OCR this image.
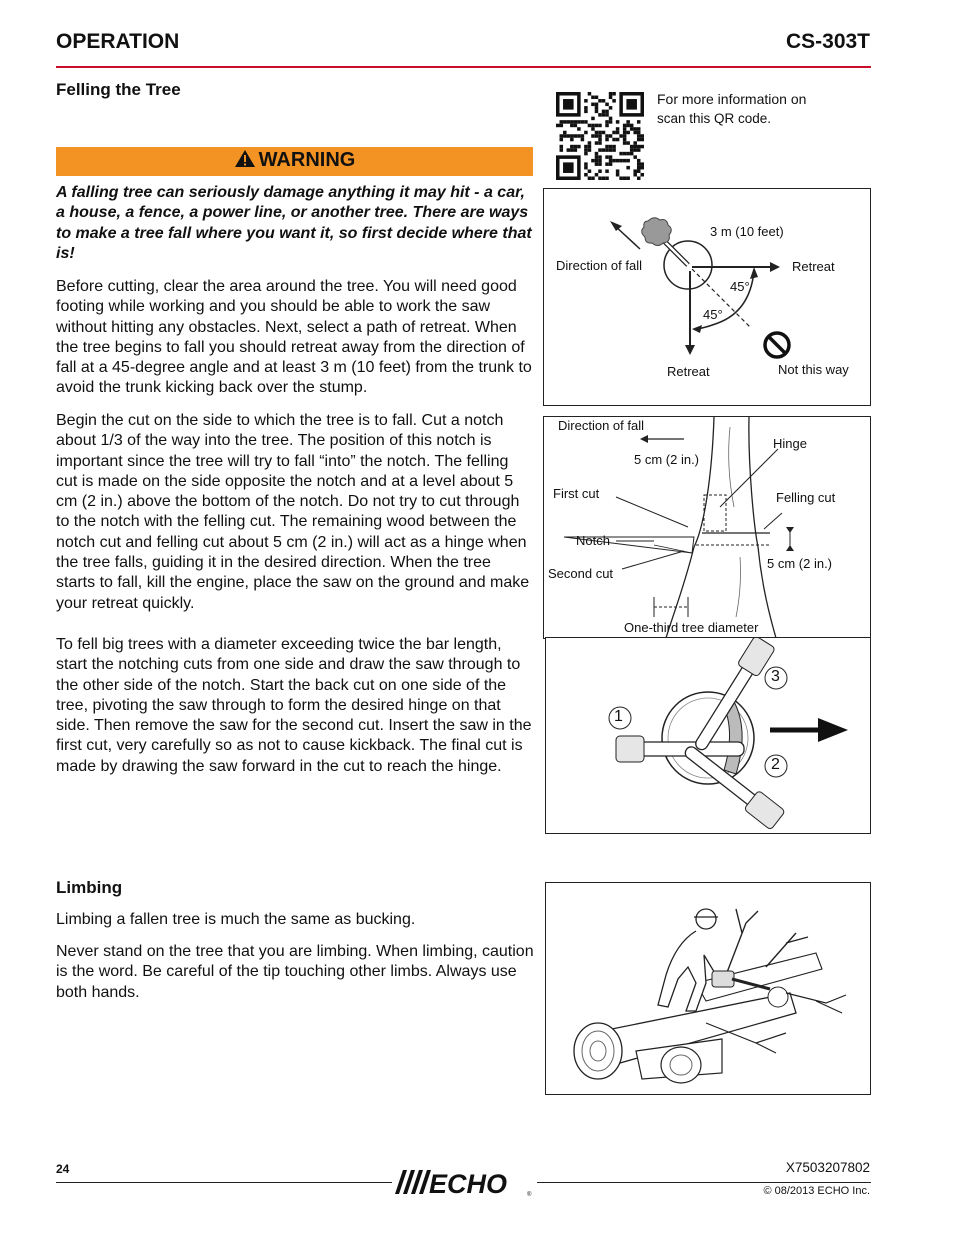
OPERATION	CS-303T
Felling the Tree	For more information on
scan this QR code.
WARNING
A falling tree can seriously damage anything it may hit - a car, a house, a fence, a power line, or another tree. There are ways to make a tree fall where you want it, so first decide where that is!
Before cutting, clear the area around the tree. You will need good footing while working and you should be able to work the saw without hitting any obstacles. Next, select a path of retreat. When the tree begins to fall you should retreat away from the direction of fall at a 45-degree angle and at least 3 m (10 feet) from the trunk to avoid the trunk kicking back over the stump.
Begin the cut on the side to which the tree is to fall. Cut a notch about 1/3 of the way into the tree. The position of this notch is important since the tree will try to fall “into” the notch. The felling cut is made on the side opposite the notch and at a level about 5 cm (2 in.) above the bottom of the notch. Do not try to cut through to the notch with the felling cut. The remaining wood between the notch cut and felling cut about 5 cm (2 in.) will act as a hinge when the tree falls, guiding it in the desired direction. When the tree starts to fall, kill the engine, place the saw on the ground and make your retreat quickly.
To fell big trees with a diameter exceeding twice the bar length, start the notching cuts from one side and draw the saw through to the other side of the notch. Start the back cut on one side of the tree, pivoting the saw through to form the desired hinge on that side. Then remove the saw for the second cut. Insert the saw in the first cut, very carefully so as not to cause kickback. The final cut is made by drawing the saw forward in the cut to reach the hinge.
3 m (10 feet)
Direction of fall	Retreat
45°
45°
Retreat	Not this way
Direction of fall
Hinge
5 cm (2 in.)
First cut	Felling cut
Notch
5 cm (2 in.)
Second cut
One-third tree diameter
1
2
3
Limbing
Limbing a fallen tree is much the same as bucking.
Never stand on the tree that you are limbing. When limbing, caution is the word. Be careful of the tip touching other limbs. Always use both hands.
24	ECHO	®
X7503207802
© 08/2013 ECHO Inc.
